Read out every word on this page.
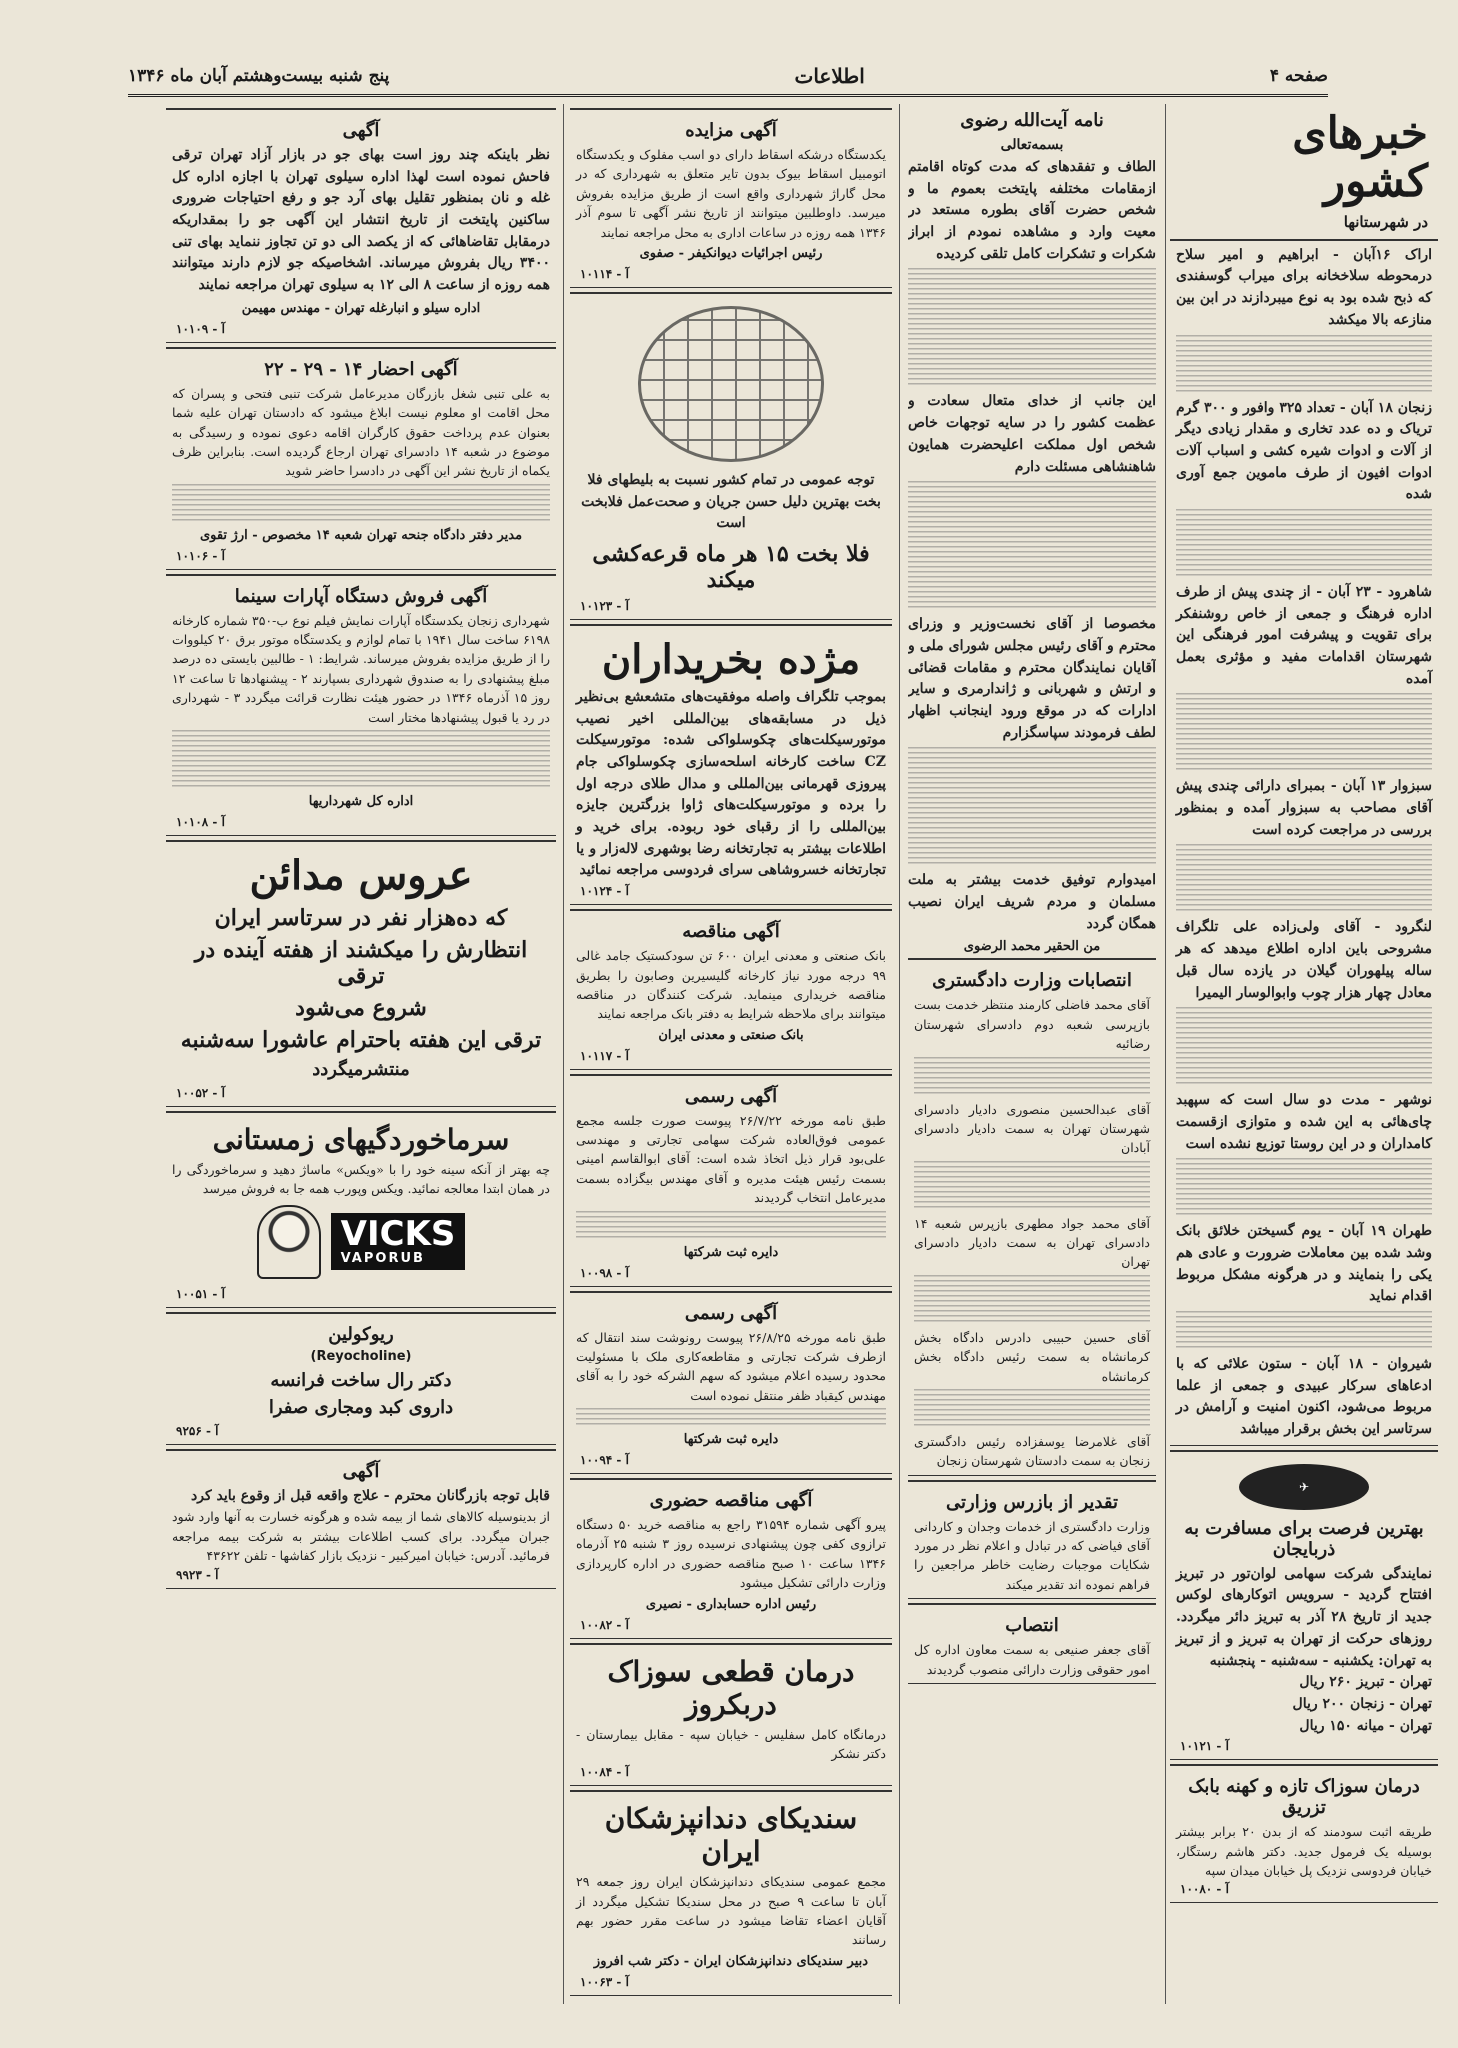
صفحه ۴
اطلاعات
پنج شنبه بیست‌وهشتم آبان ماه ۱۳۴۶
خبرهای کشور
در شهرستانها

اراک ۱۶آبان - ابراهیم و امیر سلاح درمحوطه سلاخخانه برای میراب گوسفندی که ذبح شده بود به نوع میبردازند در ابن بین منازعه بالا میکشد

زنجان ۱۸ آبان - تعداد ۳۲۵ وافور و ۳۰۰ گرم تریاک و ده عدد تخاری و مقدار زیادی دیگر از آلات و ادوات شیره کشی و اسباب آلات ادوات افیون از طرف ماموین جمع آوری شده

شاهرود - ۲۳ آبان - از چندی پیش از طرف اداره فرهنگ و جمعی از خاص روشنفکر برای تقویت و پیشرفت امور فرهنگی این شهرستان اقدامات مفید و مؤثری بعمل آمده

سبزوار ۱۳ آبان - بمبرای دارائی چندی پیش آقای مصاحب به سبزوار آمده و بمنظور بررسی در مراجعت کرده است

لنگرود - آقای ولی‌زاده علی تلگراف مشروحی باین اداره اطلاع میدهد که هر ساله پیلهوران گیلان در یازده سال قبل معادل چهار هزار چوب وابوالوسار الیمیرا

نوشهر - مدت دو سال است که سپهبد چای‌هائی به این شده و متوازی ازقسمت کامداران و در این روستا توزیع نشده است

طهران ۱۹ آبان - یوم گسیختن خلائق بانک وشد شده بین معاملات ضرورت و عادی هم یکی را بنمایند و در هرگونه مشکل مربوط اقدام نماید

شیروان - ۱۸ آبان - ستون علائی که با ادعاهای سرکار عبیدی و جمعی از علما مربوط می‌شود، اکنون امنیت و آرامش در سرتاسر این بخش برقرار میباشد

✈
بهترین فرصت برای مسافرت به ذربایجان

نمایندگی شرکت سهامی لوان‌تور در تبریز افتتاح گردید - سرویس اتوکارهای لوکس جدید از تاریخ ۲۸ آذر به تبریز دائر میگردد. روزهای حرکت از تهران به تبریز و از تبریز به تهران: یکشنبه - سه‌شنبه - پنجشنبه

تهران - تبریز ۲۶۰ ریال

تهران - زنجان ۲۰۰ ریال

تهران - میانه ۱۵۰ ریال

آ - ۱۰۱۲۱
درمان سوزاک تازه و کهنه بابک تزریق

طریقه اثبت سودمند که از بدن ۲۰ برابر بیشتر بوسیله یک فرمول جدید. دکتر هاشم رستگار، خیابان فردوسی نزدیک پل خیابان میدان سپه

آ - ۱۰۰۸۰
نامه آیت‌الله رضوی
بسمه‌تعالی

الطاف و تفقدهای که مدت کوتاه اقامتم ازمقامات مختلفه پایتخت بعموم ما و شخص حضرت آقای بطوره مستعد در معیت وارد و مشاهده نمودم از ابراز شکرات و تشکرات کامل تلقی کردیده

این جانب از خدای متعال سعادت و عظمت کشور را در سایه توجهات خاص شخص اول مملکت اعلیحضرت همایون شاهنشاهی مسئلت دارم

مخصوصا از آقای نخست‌وزیر و وزرای محترم و آقای رئیس مجلس شورای ملی و آقایان نمایندگان محترم و مقامات قضائی و ارتش و شهربانی و ژاندارمری و سایر ادارات که در موقع ورود اینجانب اظهار لطف فرمودند سپاسگزارم

امیدوارم توفیق خدمت بیشتر به ملت مسلمان و مردم شریف ایران نصیب همگان گردد

من الحقیر محمد الرضوی
انتصابات وزارت دادگستری

آقای محمد فاضلی کارمند منتظر خدمت بست بازپرسی شعبه دوم دادسرای شهرستان رضائیه

آقای عبدالحسین منصوری دادیار دادسرای شهرستان تهران به سمت دادیار دادسرای آبادان

آقای محمد جواد مطهری بازپرس شعبه ۱۴ دادسرای تهران به سمت دادیار دادسرای تهران

آقای حسین حبیبی دادرس دادگاه بخش کرمانشاه به سمت رئیس دادگاه بخش کرمانشاه

آقای غلامرضا یوسفزاده رئیس دادگستری زنجان به سمت دادستان شهرستان زنجان

تقدیر از بازرس وزارتی

وزارت دادگستری از خدمات وجدان و کاردانی آقای فیاضی که در تبادل و اعلام نظر در مورد شکایات موجبات رضایت خاطر مراجعین را فراهم نموده اند تقدیر میکند

انتصاب

آقای جعفر صنیعی به سمت معاون اداره کل امور حقوقی وزارت دارائی منصوب گردیدند

آگهی مزایده

یکدستگاه درشکه اسقاط دارای دو اسب مفلوک و یکدستگاه اتومبیل اسقاط بیوک بدون تایر متعلق به شهرداری که در محل گاراژ شهرداری واقع است از طریق مزایده بفروش میرسد. داوطلبین میتوانند از تاریخ نشر آگهی تا سوم آذر ۱۳۴۶ همه روزه در ساعات اداری به محل مراجعه نمایند

رئیس اجرائیات دیوانکیفر - صفوی
آ - ۱۰۱۱۴

توجه عمومی در تمام کشور نسبت به بلیطهای فلا بخت بهترین دلیل حسن جریان و صحت‌عمل فلابخت است

فلا بخت ۱۵ هر ماه قرعه‌کشی میکند
آ - ۱۰۱۲۳
مژده بخریداران

بموجب تلگراف واصله موفقیت‌های متشعشع بی‌نظیر ذیل در مسابقه‌های بین‌المللی اخیر نصیب موتورسیکلت‌های چکوسلواکی شده: موتورسیکلت CZ ساخت کارخانه اسلحه‌سازی چکوسلواکی جام پیروزی قهرمانی بین‌المللی و مدال طلای درجه اول را برده و موتورسیکلت‌های ژاوا بزرگترین جایزه بین‌المللی را از رقبای خود ربوده. برای خرید و اطلاعات بیشتر به تجارتخانه رضا بوشهری لاله‌زار و یا تجارتخانه خسروشاهی سرای فردوسی مراجعه نمائید

آ - ۱۰۱۲۴
آگهی مناقصه

بانک صنعتی و معدنی ایران ۶۰۰ تن سودکستیک جامد غالی ۹۹ درجه مورد نیاز کارخانه گلیسیرین وصابون را بطریق مناقصه خریداری مینماید. شرکت کنندگان در مناقصه میتوانند برای ملاحظه شرایط به دفتر بانک مراجعه نمایند

بانک صنعتی و معدنی ایران
آ - ۱۰۱۱۷
آگهی رسمی

طبق نامه مورخه ۲۶/۷/۲۲ پیوست صورت جلسه مجمع عمومی فوق‌العاده شرکت سهامی تجارتی و مهندسی علی‌بود قرار ذیل اتخاذ شده است: آقای ابوالقاسم امینی بسمت رئیس هیئت مدیره و آقای مهندس بیگزاده بسمت مدیرعامل انتخاب گردیدند

دایره ثبت شرکتها
آ - ۱۰۰۹۸
آگهی رسمی

طبق نامه مورخه ۲۶/۸/۲۵ پیوست رونوشت سند انتقال که ازطرف شرکت تجارتی و مقاطعه‌کاری ملک با مسئولیت محدود رسیده اعلام میشود که سهم الشرکه خود را به آقای مهندس کیقباد ظفر منتقل نموده است

دایره ثبت شرکتها
آ - ۱۰۰۹۴
آگهی مناقصه حضوری

پیرو آگهی شماره ۳۱۵۹۴ راجع به مناقصه خرید ۵۰ دستگاه ترازوی کفی چون پیشنهادی نرسیده روز ۳ شنبه ۲۵ آذرماه ۱۳۴۶ ساعت ۱۰ صبح مناقصه حضوری در اداره کارپردازی وزارت دارائی تشکیل میشود

رئیس اداره حسابداری - نصیری
آ - ۱۰۰۸۲
درمان قطعی سوزاک دربکروز

درمانگاه کامل سفلیس - خیابان سپه - مقابل بیمارستان - دکتر نشکر

آ - ۱۰۰۸۴
سندیکای دندانپزشکان ایران

مجمع عمومی سندیکای دندانپزشکان ایران روز جمعه ۲۹ آبان تا ساعت ۹ صبح در محل سندیکا تشکیل میگردد از آقایان اعضاء تقاضا میشود در ساعت مقرر حضور بهم رسانند

دبیر سندیکای دندانپزشکان ایران - دکتر شب افروز
آ - ۱۰۰۶۳
آگهی

نظر باینکه چند روز است بهای جو در بازار آزاد تهران ترقی فاحش نموده است لهذا اداره سیلوی تهران با اجازه اداره کل غله و نان بمنظور تقلیل بهای آرد جو و رفع احتیاجات ضروری ساکنین پایتخت از تاریخ انتشار این آگهی جو را بمقداریکه درمقابل تقاضاهائی که از یکصد الی دو تن تجاوز ننماید بهای تنی ۳۴۰۰ ریال بفروش میرساند. اشخاصیکه جو لازم دارند میتوانند همه روزه از ساعت ۸ الی ۱۲ به سیلوی تهران مراجعه نمایند

اداره سیلو و انبارغله تهران - مهندس مهیمن
آ - ۱۰۱۰۹
آگهی احضار ۱۴ - ۲۹ - ۲۲

به علی تنبی شغل بازرگان مدیرعامل شرکت تنبی فتحی و پسران که محل اقامت او معلوم نیست ابلاغ میشود که دادستان تهران علیه شما بعنوان عدم پرداخت حقوق کارگران اقامه دعوی نموده و رسیدگی به موضوع در شعبه ۱۴ دادسرای تهران ارجاع گردیده است. بنابراین ظرف یکماه از تاریخ نشر این آگهی در دادسرا حاضر شوید

مدیر دفتر دادگاه جنحه تهران شعبه ۱۴ مخصوص - ارژ تقوی
آ - ۱۰۱۰۶
آگهی فروش دستگاه آپارات سینما

شهرداری زنجان یکدستگاه آپارات نمایش فیلم نوع ب-۳۵۰ شماره کارخانه ۶۱۹۸ ساخت سال ۱۹۴۱ با تمام لوازم و یکدستگاه موتور برق ۲۰ کیلووات را از طریق مزایده بفروش میرساند. شرایط: ۱ - طالبین بایستی ده درصد مبلغ پیشنهادی را به صندوق شهرداری بسپارند ۲ - پیشنهادها تا ساعت ۱۲ روز ۱۵ آذرماه ۱۳۴۶ در حضور هیئت نظارت قرائت میگردد ۳ - شهرداری در رد یا قبول پیشنهادها مختار است

اداره کل شهرداریها
آ - ۱۰۱۰۸
عروس مدائن
که ده‌هزار نفر در سرتاسر ایران
انتظارش را میکشند از هفته آینده در ترقی
شروع می‌شود
ترقی این هفته باحترام عاشورا سه‌شنبه
منتشرمیگردد
آ - ۱۰۰۵۲
سرماخوردگیهای زمستانی

چه بهتر از آنکه سینه خود را با «ویکس» ماساژ دهید و سرماخوردگی را در همان ابتدا معالجه نمائید. ویکس وپورب همه جا به فروش میرسد

VICKS
VAPORUB
آ - ۱۰۰۵۱
ریوکولین
(Reyocholine)
دکتر رال ساخت فرانسه
داروی کبد ومجاری صفرا
آ - ۹۲۵۶
آگهی

قابل توجه بازرگانان محترم - علاج واقعه قبل از وقوع باید کرد

از بدینوسیله کالاهای شما از بیمه شده و هرگونه خسارت به آنها وارد شود جبران میگردد. برای کسب اطلاعات بیشتر به شرکت بیمه مراجعه فرمائید. آدرس: خیابان امیرکبیر - نزدیک بازار کفاشها - تلفن ۴۳۶۲۲

آ - ۹۹۲۳
